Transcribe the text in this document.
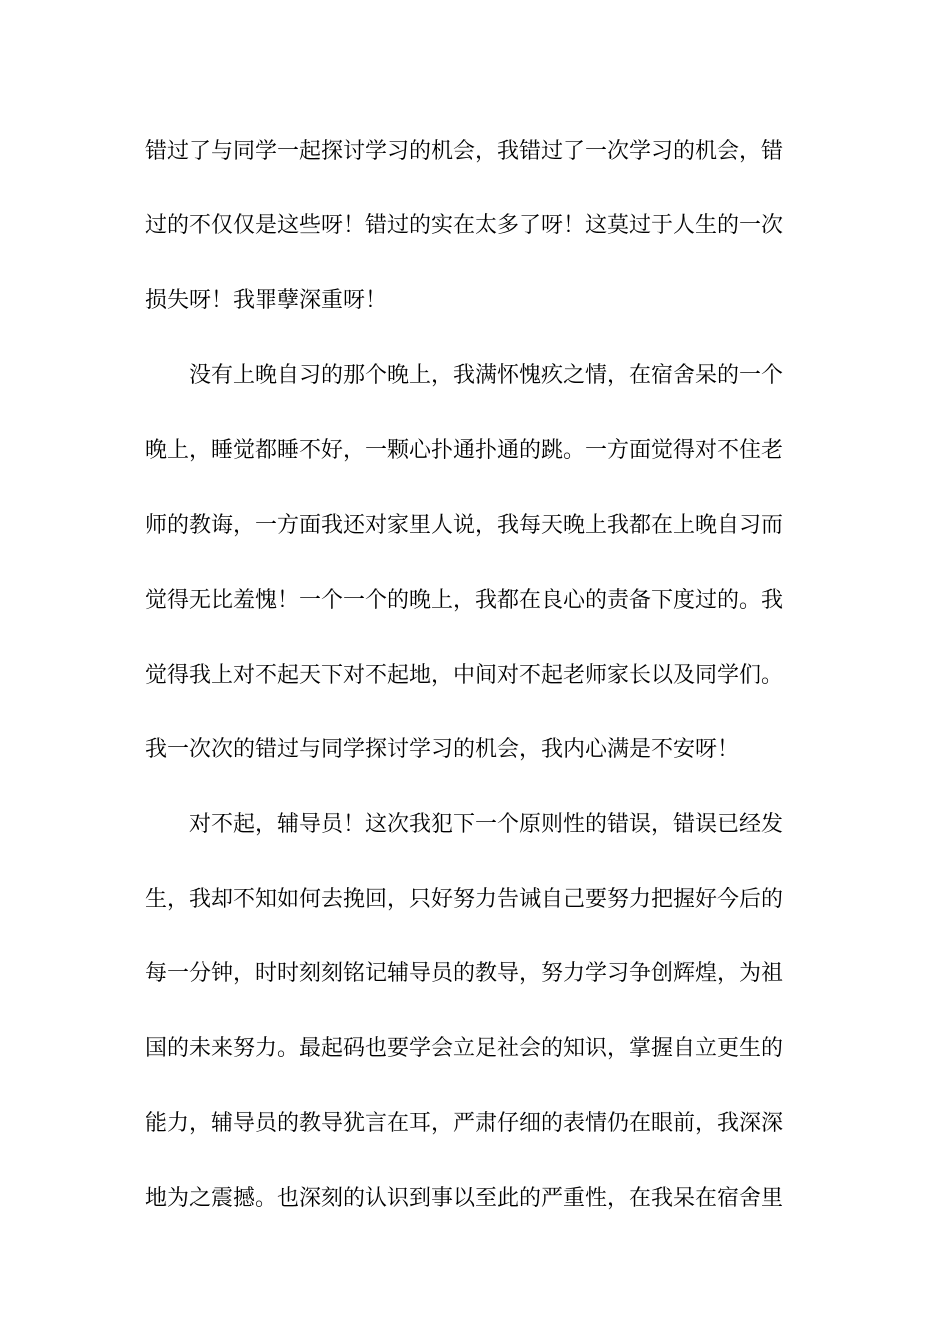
错过了与同学一起探讨学习的机会，我错过了一次学习的机会，错
过的不仅仅是这些呀！错过的实在太多了呀！这莫过于人生的一次
损失呀！我罪孽深重呀！
没有上晚自习的那个晚上，我满怀愧疚之情，在宿舍呆的一个
晚上，睡觉都睡不好，一颗心扑通扑通的跳。一方面觉得对不住老
师的教诲，一方面我还对家里人说，我每天晚上我都在上晚自习而
觉得无比羞愧！一个一个的晚上，我都在良心的责备下度过的。我
觉得我上对不起天下对不起地，中间对不起老师家长以及同学们。
我一次次的错过与同学探讨学习的机会，我内心满是不安呀！
对不起，辅导员！这次我犯下一个原则性的错误，错误已经发
生，我却不知如何去挽回，只好努力告诫自己要努力把握好今后的
每一分钟，时时刻刻铭记辅导员的教导，努力学习争创辉煌，为祖
国的未来努力。最起码也要学会立足社会的知识，掌握自立更生的
能力，辅导员的教导犹言在耳，严肃仔细的表情仍在眼前，我深深
地为之震撼。也深刻的认识到事以至此的严重性，在我呆在宿舍里
